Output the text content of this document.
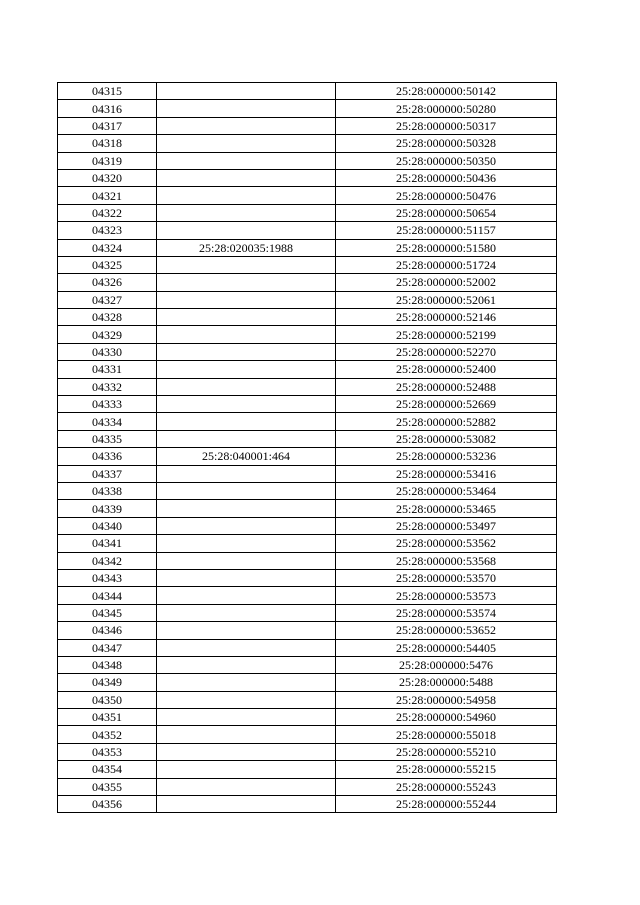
04315		25:28:000000:50142
04316		25:28:000000:50280
04317		25:28:000000:50317
04318		25:28:000000:50328
04319		25:28:000000:50350
04320		25:28:000000:50436
04321		25:28:000000:50476
04322		25:28:000000:50654
04323		25:28:000000:51157
04324	25:28:020035:1988	25:28:000000:51580
04325		25:28:000000:51724
04326		25:28:000000:52002
04327		25:28:000000:52061
04328		25:28:000000:52146
04329		25:28:000000:52199
04330		25:28:000000:52270
04331		25:28:000000:52400
04332		25:28:000000:52488
04333		25:28:000000:52669
04334		25:28:000000:52882
04335		25:28:000000:53082
04336	25:28:040001:464	25:28:000000:53236
04337		25:28:000000:53416
04338		25:28:000000:53464
04339		25:28:000000:53465
04340		25:28:000000:53497
04341		25:28:000000:53562
04342		25:28:000000:53568
04343		25:28:000000:53570
04344		25:28:000000:53573
04345		25:28:000000:53574
04346		25:28:000000:53652
04347		25:28:000000:54405
04348		25:28:000000:5476
04349		25:28:000000:5488
04350		25:28:000000:54958
04351		25:28:000000:54960
04352		25:28:000000:55018
04353		25:28:000000:55210
04354		25:28:000000:55215
04355		25:28:000000:55243
04356		25:28:000000:55244
